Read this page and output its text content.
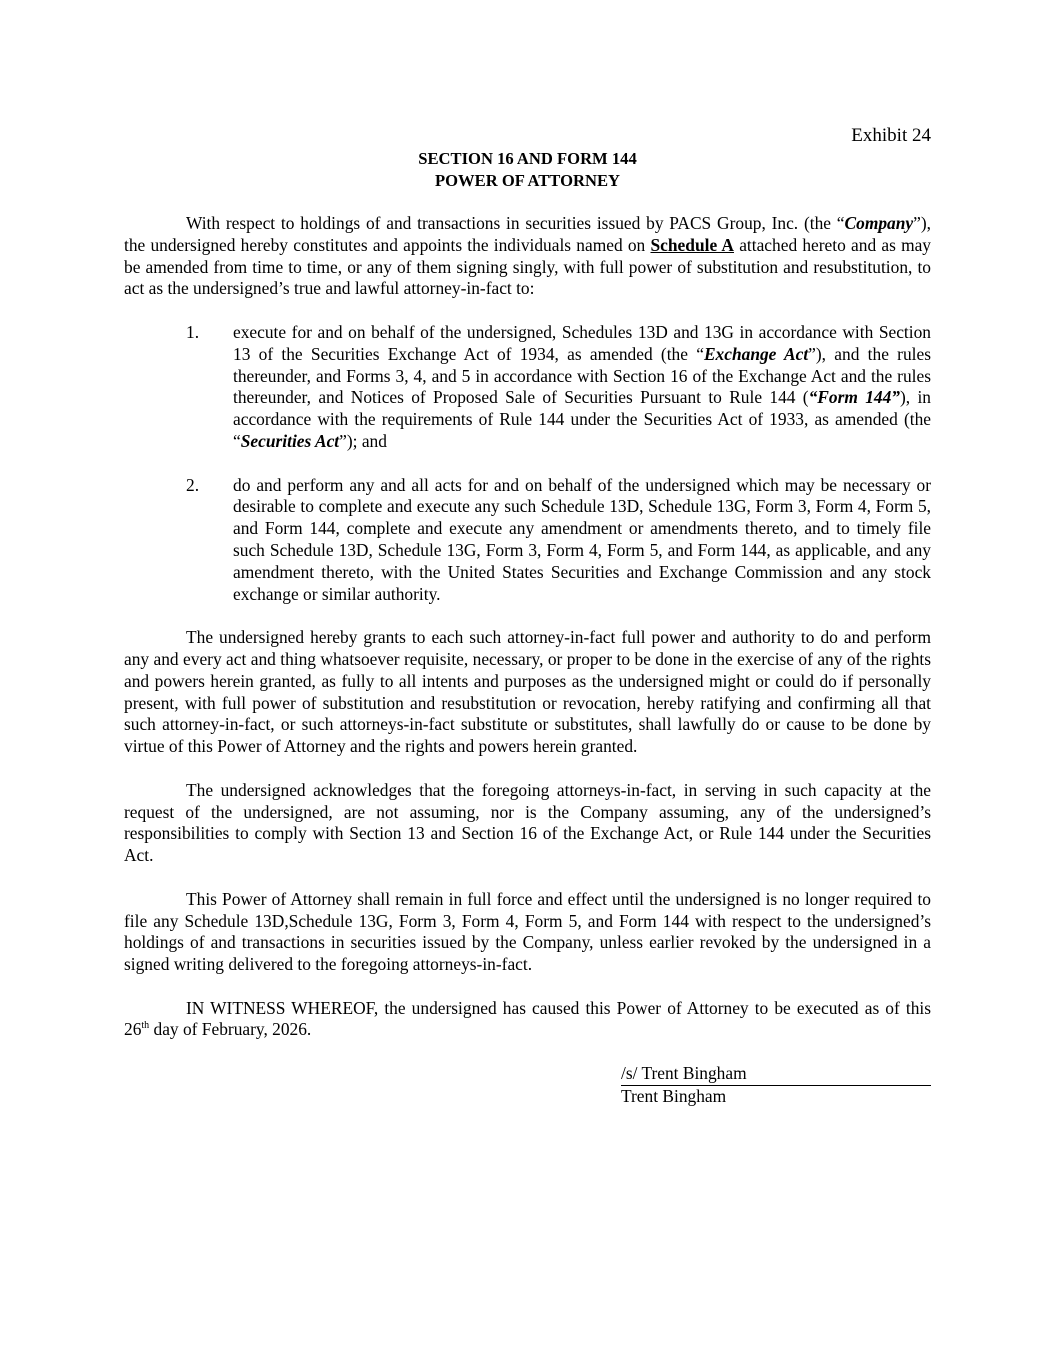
Exhibit 24
SECTION 16 AND FORM 144
POWER OF ATTORNEY

With respect to holdings of and transactions in securities issued by PACS Group, Inc. (the “Company”), the undersigned hereby constitutes and appoints the individuals named on Schedule A attached hereto and as may be amended from time to time, or any of them signing singly, with full power of substitution and resubstitution, to act as the undersigned’s true and lawful attorney-in-fact to:

1.	execute for and on behalf of the undersigned, Schedules 13D and 13G in accordance with Section 13 of the Securities Exchange Act of 1934, as amended (the “Exchange Act”), and the rules thereunder, and Forms 3, 4, and 5 in accordance with Section 16 of the Exchange Act and the rules thereunder, and Notices of Proposed Sale of Securities Pursuant to Rule 144 (“Form 144”), in accordance with the requirements of Rule 144 under the Securities Act of 1933, as amended (the “Securities Act”); and
2.	do and perform any and all acts for and on behalf of the undersigned which may be necessary or desirable to complete and execute any such Schedule 13D, Schedule 13G, Form 3, Form 4, Form 5, and Form 144, complete and execute any amendment or amendments thereto, and to timely file such Schedule 13D, Schedule 13G, Form 3, Form 4, Form 5, and Form 144, as applicable, and any amendment thereto, with the United States Securities and Exchange Commission and any stock exchange or similar authority.

The undersigned hereby grants to each such attorney-in-fact full power and authority to do and perform any and every act and thing whatsoever requisite, necessary, or proper to be done in the exercise of any of the rights and powers herein granted, as fully to all intents and purposes as the undersigned might or could do if personally present, with full power of substitution and resubstitution or revocation, hereby ratifying and confirming all that such attorney-in-fact, or such attorneys-in-fact substitute or substitutes, shall lawfully do or cause to be done by virtue of this Power of Attorney and the rights and powers herein granted.

The undersigned acknowledges that the foregoing attorneys-in-fact, in serving in such capacity at the request of the undersigned, are not assuming, nor is the Company assuming, any of the undersigned’s responsibilities to comply with Section 13 and Section 16 of the Exchange Act, or Rule 144 under the Securities Act.

This Power of Attorney shall remain in full force and effect until the undersigned is no longer required to file any Schedule 13D,Schedule 13G, Form 3, Form 4, Form 5, and Form 144 with respect to the undersigned’s holdings of and transactions in securities issued by the Company, unless earlier revoked by the undersigned in a signed writing delivered to the foregoing attorneys-in-fact.

IN WITNESS WHEREOF, the undersigned has caused this Power of Attorney to be executed as of this 26th day of February, 2026.

/s/ Trent Bingham
Trent Bingham
